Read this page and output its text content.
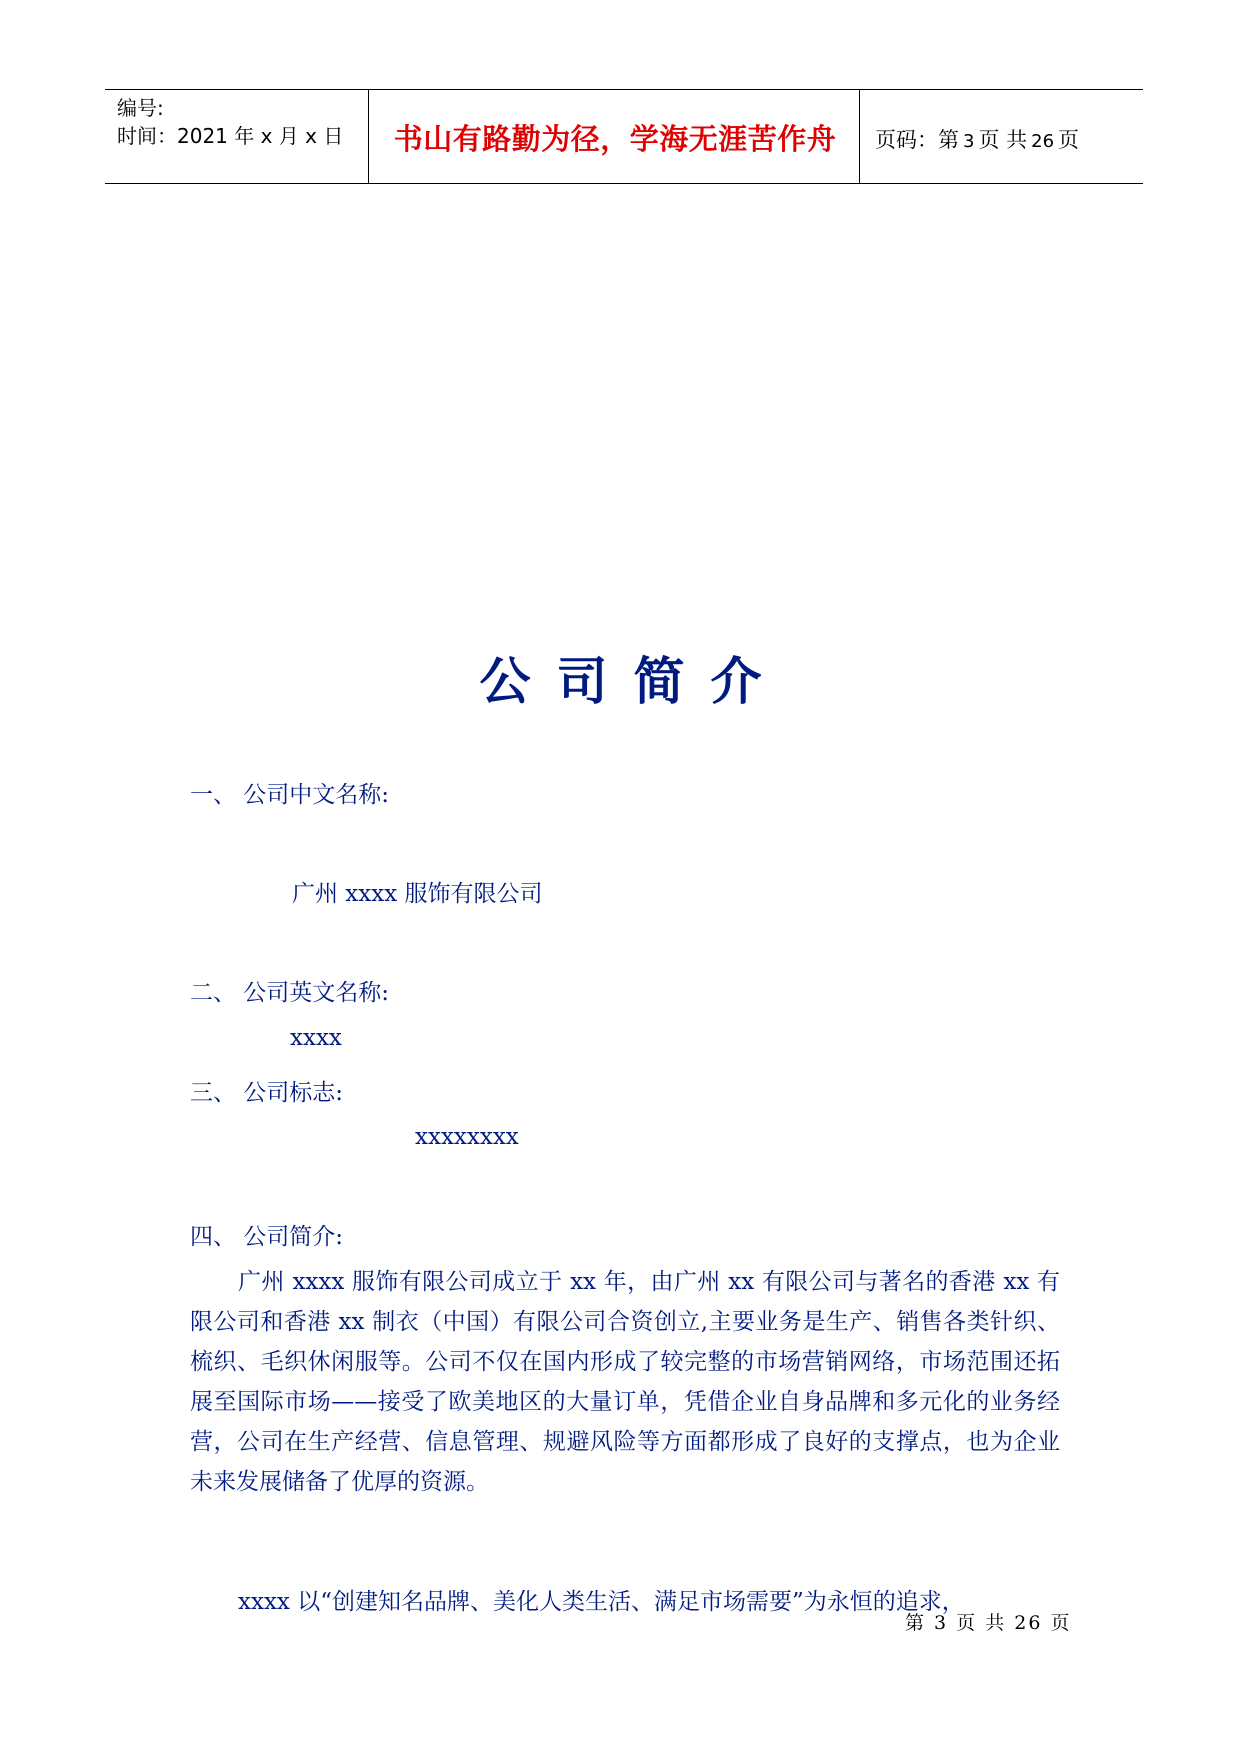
编号:
时间：2021 年 x 月 x 日	书山有路勤为径，学海无涯苦作舟	页码：第 3 页 共 26 页
公司简介
一、 公司中文名称:
广州 xxxx 服饰有限公司
二、 公司英文名称:
xxxx
三、 公司标志:
xxxxxxxx
四、 公司简介:
广州 xxxx 服饰有限公司成立于 xx 年，由广州 xx 有限公司与著名的香港 xx 有限公司和香港 xx 制衣（中国）有限公司合资创立,主要业务是生产、销售各类针织、梳织、毛织休闲服等。公司不仅在国内形成了较完整的市场营销网络，市场范围还拓展至国际市场——接受了欧美地区的大量订单，凭借企业自身品牌和多元化的业务经营，公司在生产经营、信息管理、规避风险等方面都形成了良好的支撑点，也为企业未来发展储备了优厚的资源。
xxxx 以“创建知名品牌、美化人类生活、满足市场需要”为永恒的追求，
第 3 页 共 26 页
